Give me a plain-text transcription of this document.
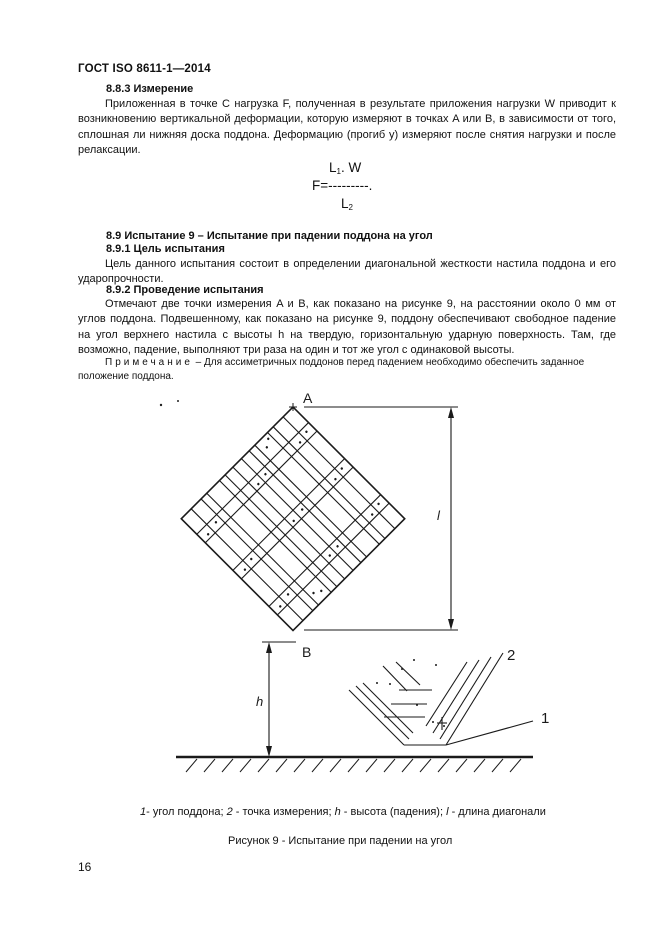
ГОСТ ISO 8611-1—2014
8.8.3 Измерение

Приложенная в точке С нагрузка F, полученная в результате приложения нагрузки W приводит к возникновению вертикальной деформации, которую измеряют в точках A или B, в зависимости от того, сплошная ли нижняя доска поддона. Деформацию (прогиб y) измеряют после снятия нагрузки и после релаксации.

$L_1$. W
F=---------.
$L_2$
8.9 Испытание 9 – Испытание при падении поддона на угол
8.9.1 Цель испытания

Цель данного испытания состоит в определении диагональной жесткости настила поддона и его ударопрочности.

8.9.2 Проведение испытания

Отмечают две точки измерения A и B, как показано на рисунке 9, на расстоянии около 0 мм от углов поддона. Подвешенному, как показано на рисунке 9, поддону обеспечивают свободное падение на угол верхнего настила с высоты h на твердую, горизонтальную ударную поверхность. Там, где возможно, падение, выполняют три раза на один и тот же угол с одинаковой высоты.

Примечание – Для ассиметричных поддонов перед падением необходимо обеспечить заданное положение поддона.

l
A
B
h
1
2
1- угол поддона; 2 - точка измерения; h - высота (падения); l - длина диагонали
Рисунок 9 - Испытание при падении на угол
16
